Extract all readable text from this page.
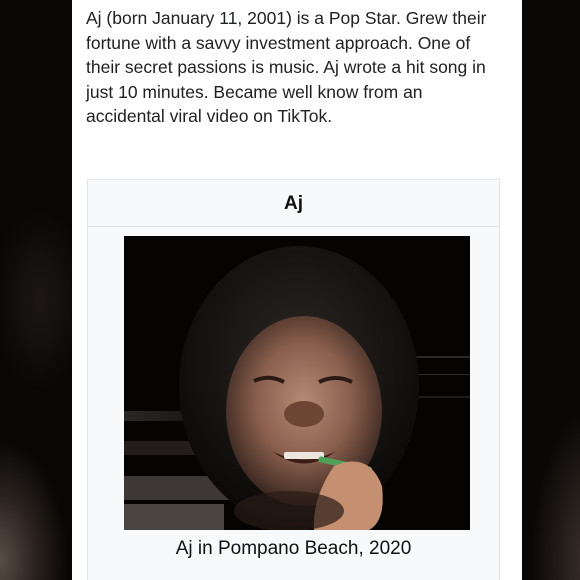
Aj (born January 11, 2001) is a Pop Star. Grew their fortune with a savvy investment approach. One of their secret passions is music. Aj wrote a hit song in just 10 minutes. Became well know from an accidental viral video on TikTok.

Aj
Aj in Pompano Beach, 2020
